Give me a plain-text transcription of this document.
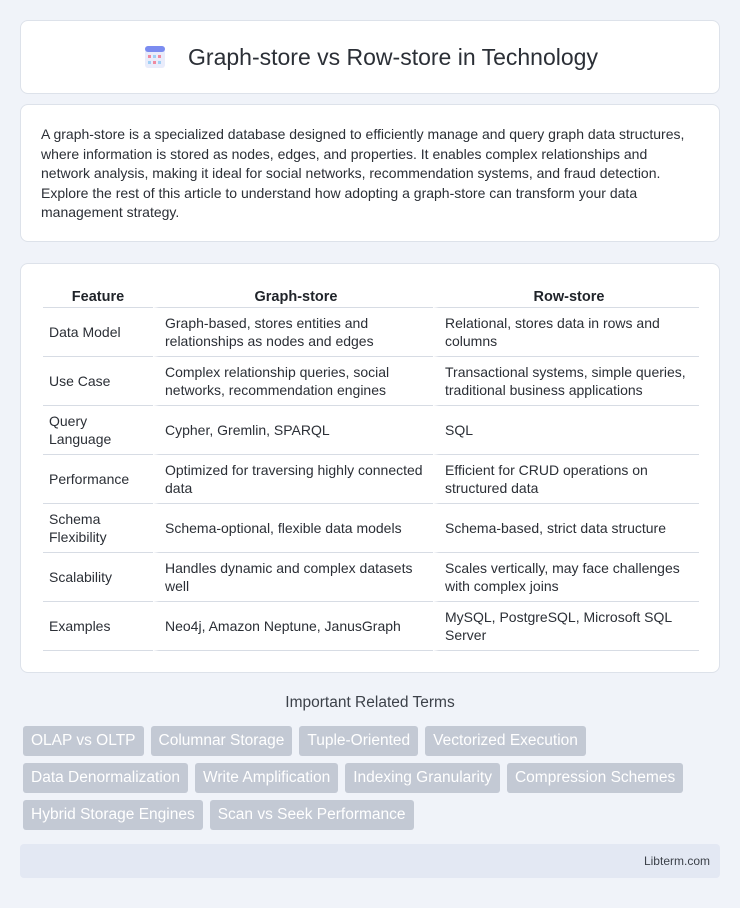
Graph-store vs Row-store in Technology

A graph-store is a specialized database designed to efficiently manage and query graph data structures, where information is stored as nodes, edges, and properties. It enables complex relationships and network analysis, making it ideal for social networks, recommendation systems, and fraud detection. Explore the rest of this article to understand how adopting a graph-store can transform your data management strategy.

Feature	Graph-store	Row-store
Data Model	Graph-based, stores entities and relationships as nodes and edges	Relational, stores data in rows and columns
Use Case	Complex relationship queries, social networks, recommendation engines	Transactional systems, simple queries, traditional business applications
Query Language	Cypher, Gremlin, SPARQL	SQL
Performance	Optimized for traversing highly connected data	Efficient for CRUD operations on structured data
Schema Flexibility	Schema-optional, flexible data models	Schema-based, strict data structure
Scalability	Handles dynamic and complex datasets well	Scales vertically, may face challenges with complex joins
Examples	Neo4j, Amazon Neptune, JanusGraph	MySQL, PostgreSQL, Microsoft SQL Server
Important Related Terms
OLAP vs OLTP	Columnar Storage	Tuple-Oriented	Vectorized Execution
Data Denormalization	Write Amplification	Indexing Granularity	Compression Schemes
Hybrid Storage Engines	Scan vs Seek Performance
Libterm.com
